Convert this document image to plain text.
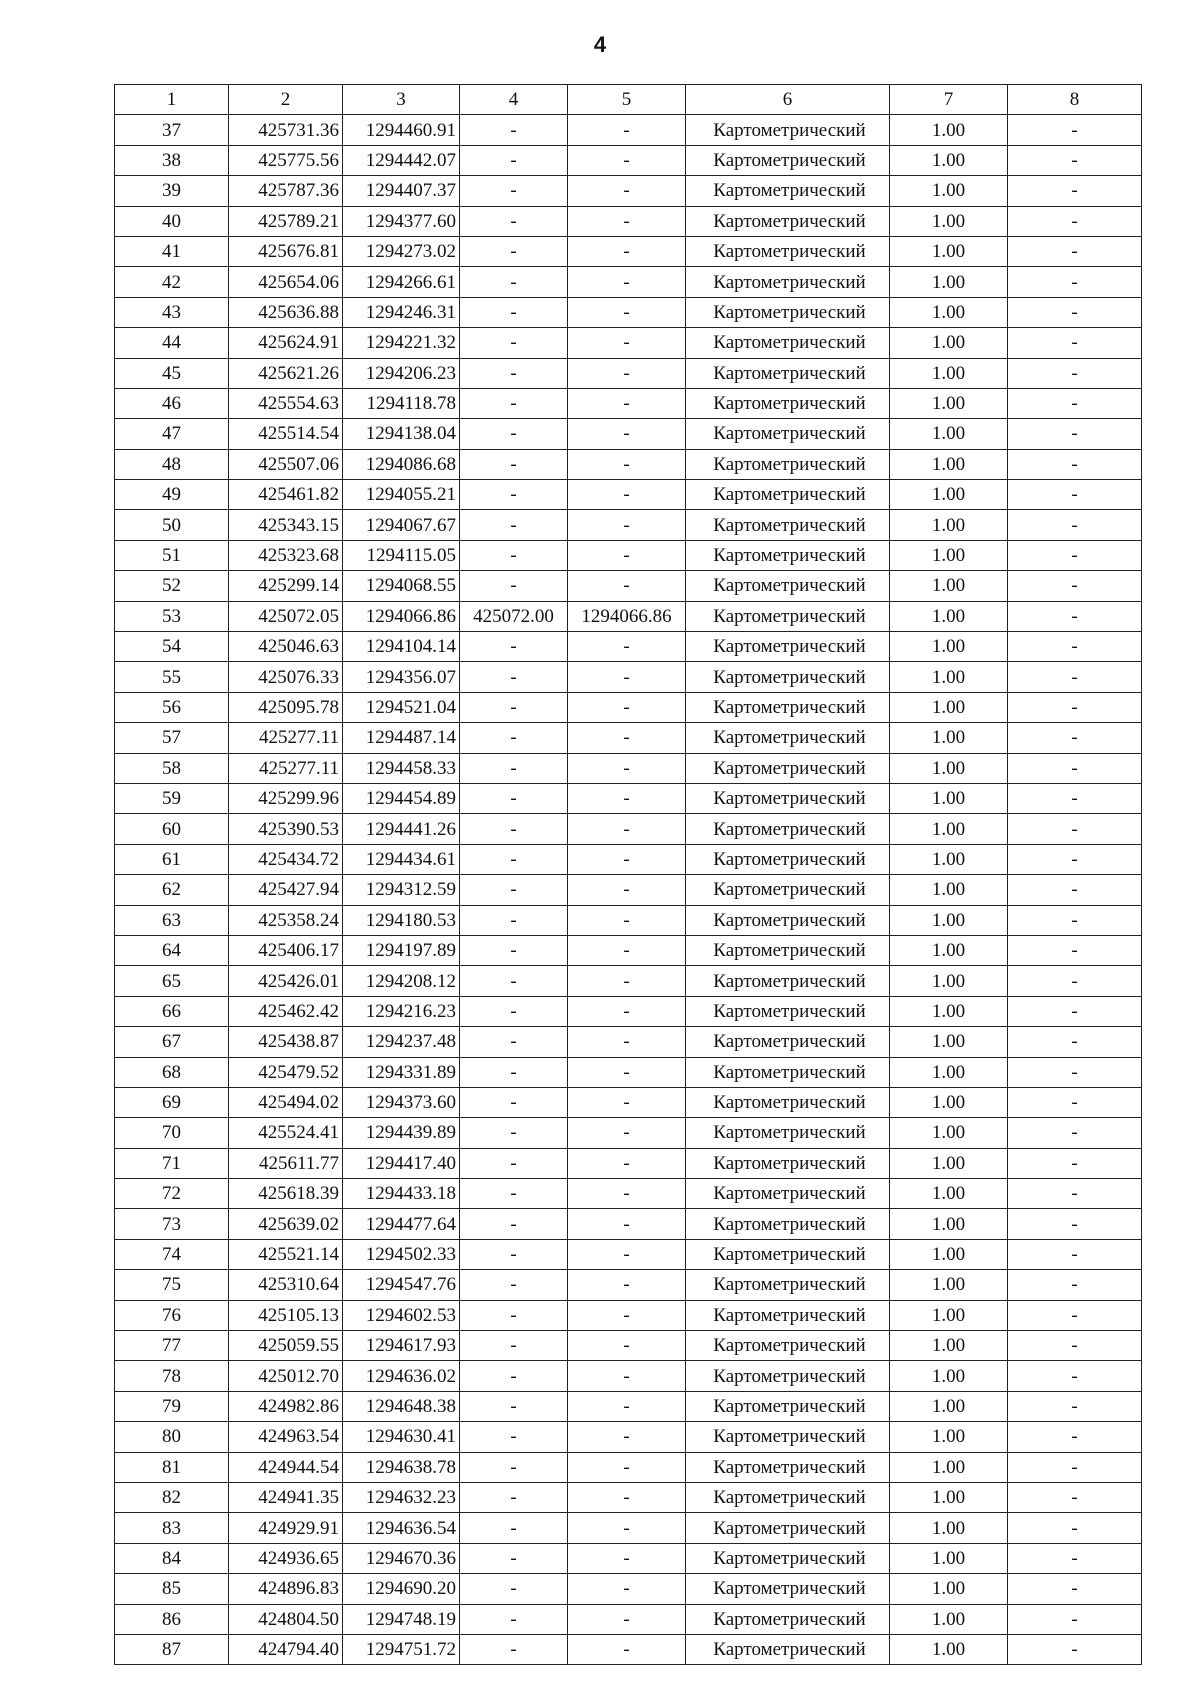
4
1	2	3	4	5	6	7	8
37	425731.36	1294460.91	-	-	Картометрический	1.00	-
38	425775.56	1294442.07	-	-	Картометрический	1.00	-
39	425787.36	1294407.37	-	-	Картометрический	1.00	-
40	425789.21	1294377.60	-	-	Картометрический	1.00	-
41	425676.81	1294273.02	-	-	Картометрический	1.00	-
42	425654.06	1294266.61	-	-	Картометрический	1.00	-
43	425636.88	1294246.31	-	-	Картометрический	1.00	-
44	425624.91	1294221.32	-	-	Картометрический	1.00	-
45	425621.26	1294206.23	-	-	Картометрический	1.00	-
46	425554.63	1294118.78	-	-	Картометрический	1.00	-
47	425514.54	1294138.04	-	-	Картометрический	1.00	-
48	425507.06	1294086.68	-	-	Картометрический	1.00	-
49	425461.82	1294055.21	-	-	Картометрический	1.00	-
50	425343.15	1294067.67	-	-	Картометрический	1.00	-
51	425323.68	1294115.05	-	-	Картометрический	1.00	-
52	425299.14	1294068.55	-	-	Картометрический	1.00	-
53	425072.05	1294066.86	425072.00	1294066.86	Картометрический	1.00	-
54	425046.63	1294104.14	-	-	Картометрический	1.00	-
55	425076.33	1294356.07	-	-	Картометрический	1.00	-
56	425095.78	1294521.04	-	-	Картометрический	1.00	-
57	425277.11	1294487.14	-	-	Картометрический	1.00	-
58	425277.11	1294458.33	-	-	Картометрический	1.00	-
59	425299.96	1294454.89	-	-	Картометрический	1.00	-
60	425390.53	1294441.26	-	-	Картометрический	1.00	-
61	425434.72	1294434.61	-	-	Картометрический	1.00	-
62	425427.94	1294312.59	-	-	Картометрический	1.00	-
63	425358.24	1294180.53	-	-	Картометрический	1.00	-
64	425406.17	1294197.89	-	-	Картометрический	1.00	-
65	425426.01	1294208.12	-	-	Картометрический	1.00	-
66	425462.42	1294216.23	-	-	Картометрический	1.00	-
67	425438.87	1294237.48	-	-	Картометрический	1.00	-
68	425479.52	1294331.89	-	-	Картометрический	1.00	-
69	425494.02	1294373.60	-	-	Картометрический	1.00	-
70	425524.41	1294439.89	-	-	Картометрический	1.00	-
71	425611.77	1294417.40	-	-	Картометрический	1.00	-
72	425618.39	1294433.18	-	-	Картометрический	1.00	-
73	425639.02	1294477.64	-	-	Картометрический	1.00	-
74	425521.14	1294502.33	-	-	Картометрический	1.00	-
75	425310.64	1294547.76	-	-	Картометрический	1.00	-
76	425105.13	1294602.53	-	-	Картометрический	1.00	-
77	425059.55	1294617.93	-	-	Картометрический	1.00	-
78	425012.70	1294636.02	-	-	Картометрический	1.00	-
79	424982.86	1294648.38	-	-	Картометрический	1.00	-
80	424963.54	1294630.41	-	-	Картометрический	1.00	-
81	424944.54	1294638.78	-	-	Картометрический	1.00	-
82	424941.35	1294632.23	-	-	Картометрический	1.00	-
83	424929.91	1294636.54	-	-	Картометрический	1.00	-
84	424936.65	1294670.36	-	-	Картометрический	1.00	-
85	424896.83	1294690.20	-	-	Картометрический	1.00	-
86	424804.50	1294748.19	-	-	Картометрический	1.00	-
87	424794.40	1294751.72	-	-	Картометрический	1.00	-
